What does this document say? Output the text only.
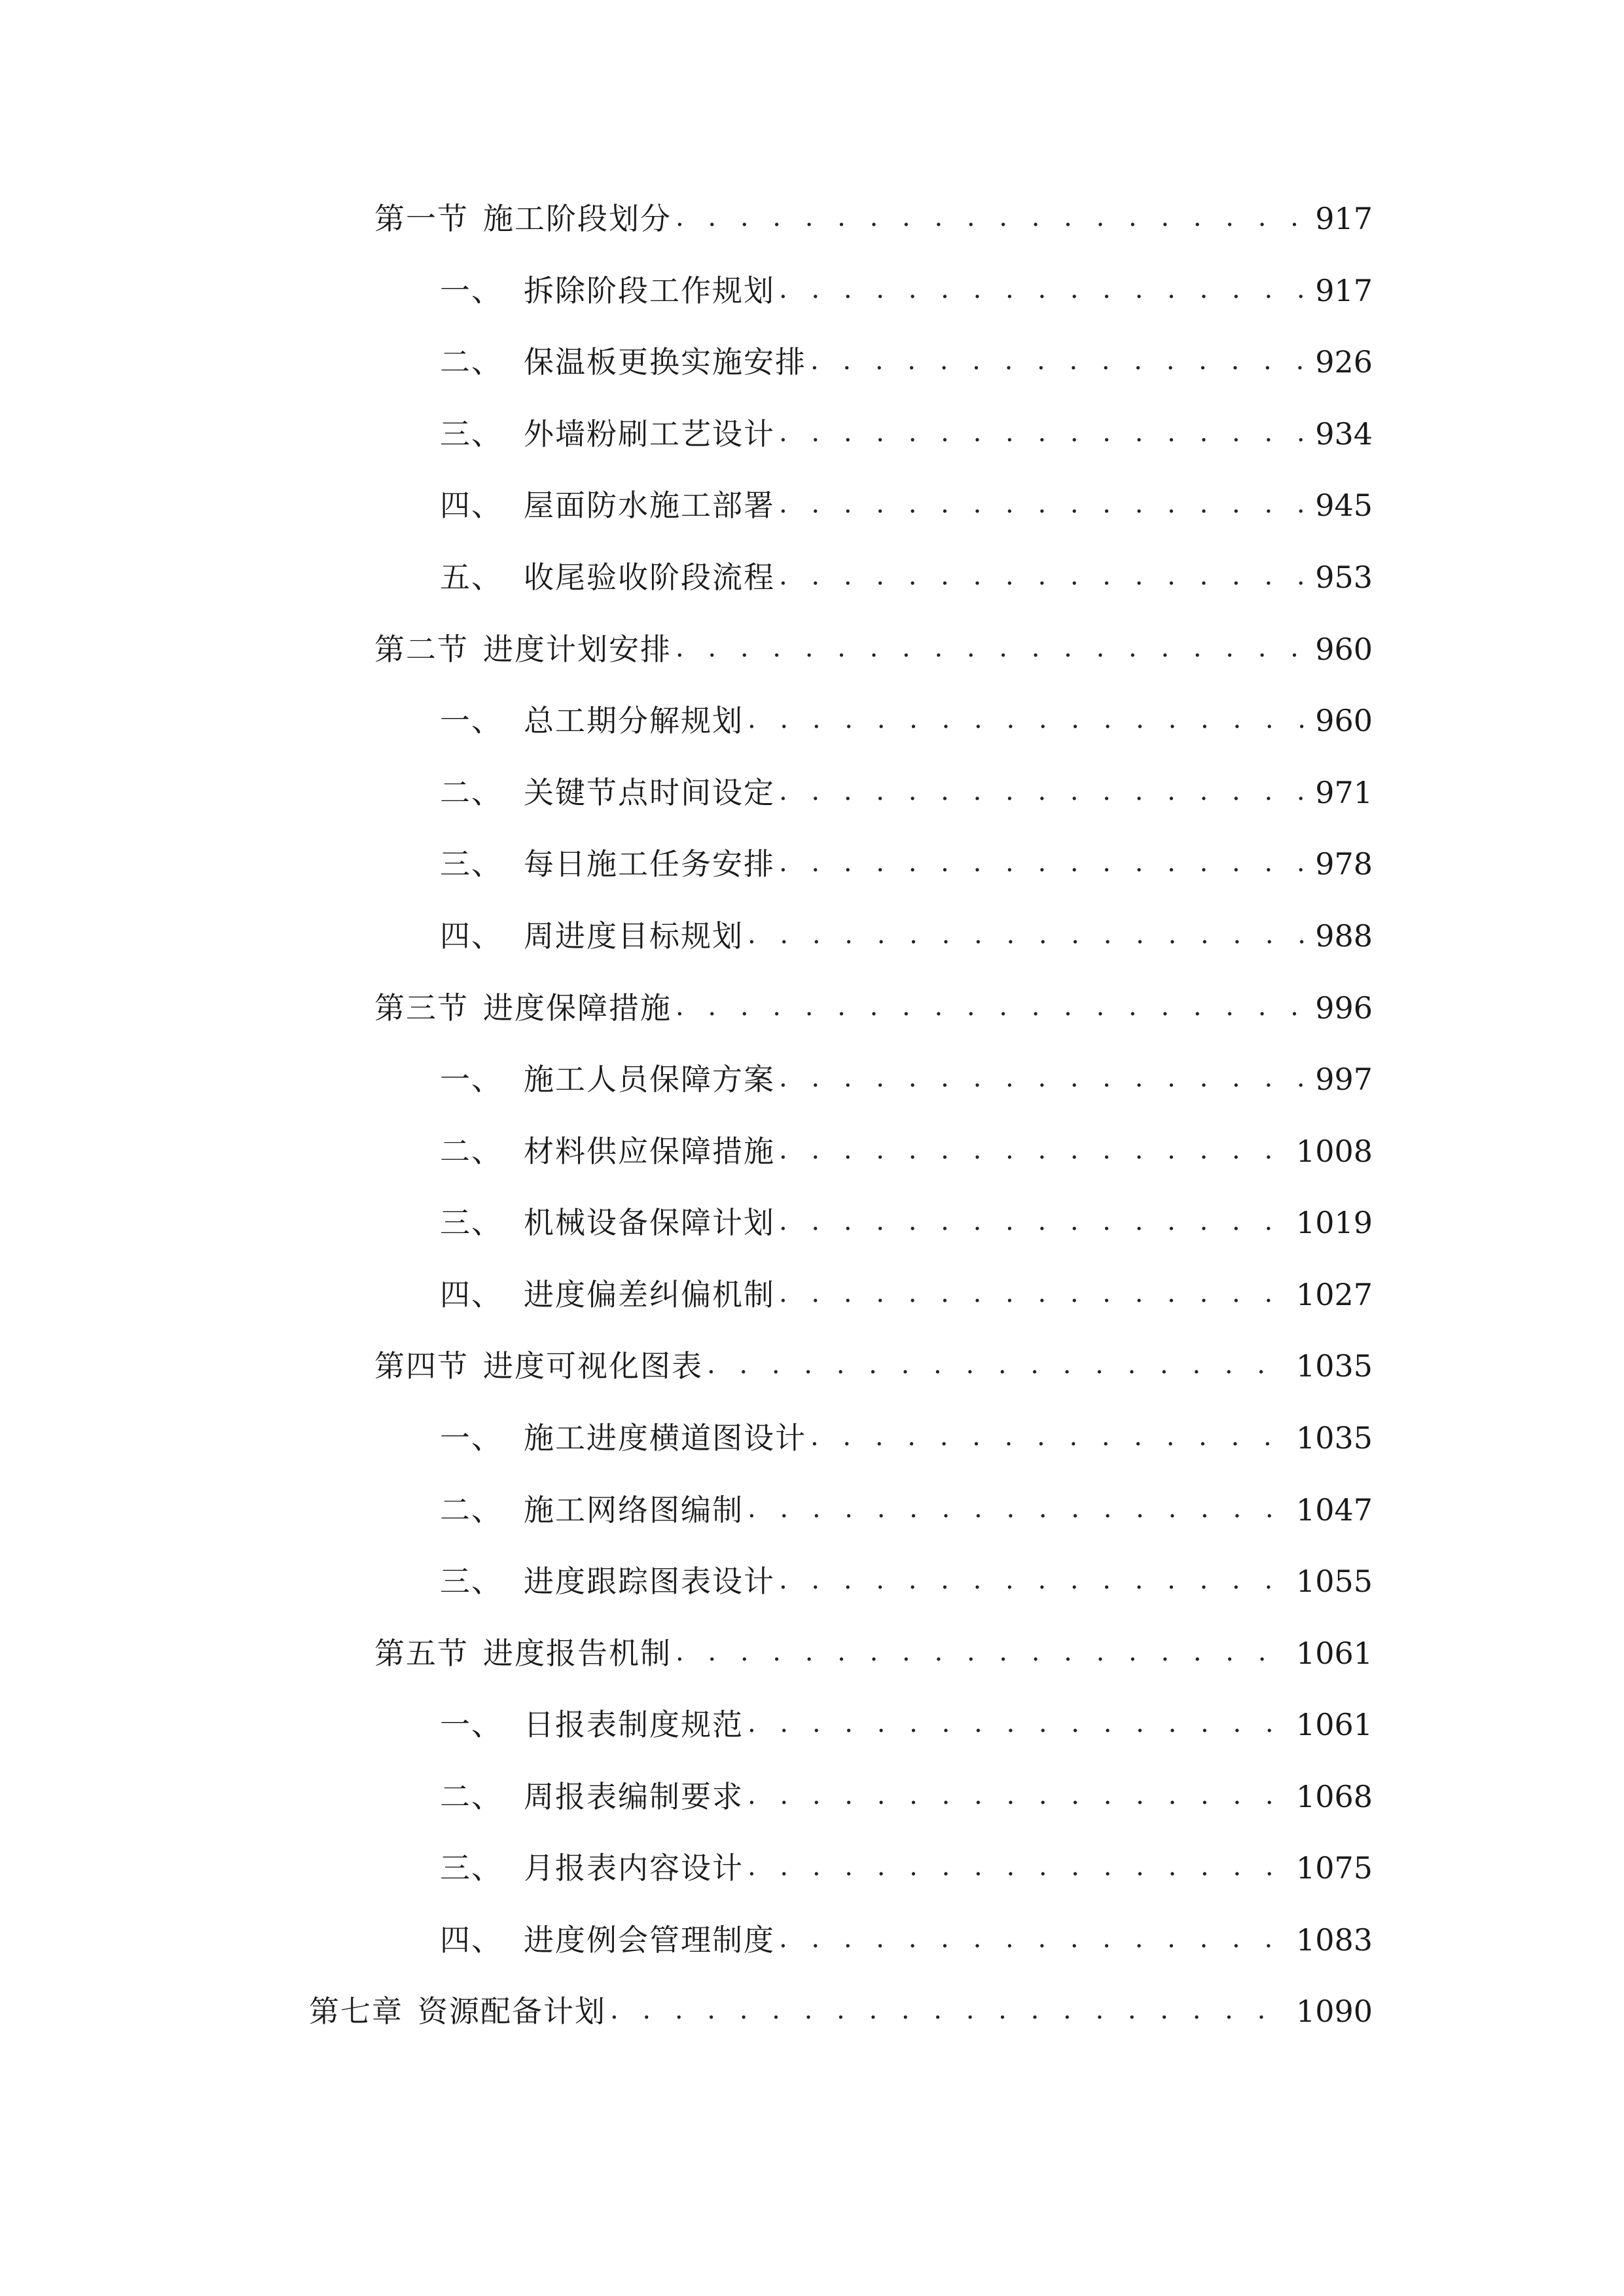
第一节 施工阶段划分 . . .	917
一、 拆除阶段工作规划 . . .	917
二、 保温板更换实施安排 . . .	926
三、 外墙粉刷工艺设计 . . .	934
四、 屋面防水施工部署 . . .	945
五、 收尾验收阶段流程 . . .	953
第二节 进度计划安排 . . .	960
一、 总工期分解规划 . . .	960
二、 关键节点时间设定 . . .	971
三、 每日施工任务安排 . . .	978
四、 周进度目标规划 . . .	988
第三节 进度保障措施 . . .	996
一、 施工人员保障方案 . . .	997
二、 材料供应保障措施 . . .	1008
三、 机械设备保障计划 . . .	1019
四、 进度偏差纠偏机制 . . .	1027
第四节 进度可视化图表 . . .	1035
一、 施工进度横道图设计 . . .	1035
二、 施工网络图编制 . . .	1047
三、 进度跟踪图表设计 . . .	1055
第五节 进度报告机制 . . .	1061
一、 日报表制度规范 . . .	1061
二、 周报表编制要求 . . .	1068
三、 月报表内容设计 . . .	1075
四、 进度例会管理制度 . . .	1083
第七章 资源配备计划 . . .	1090
